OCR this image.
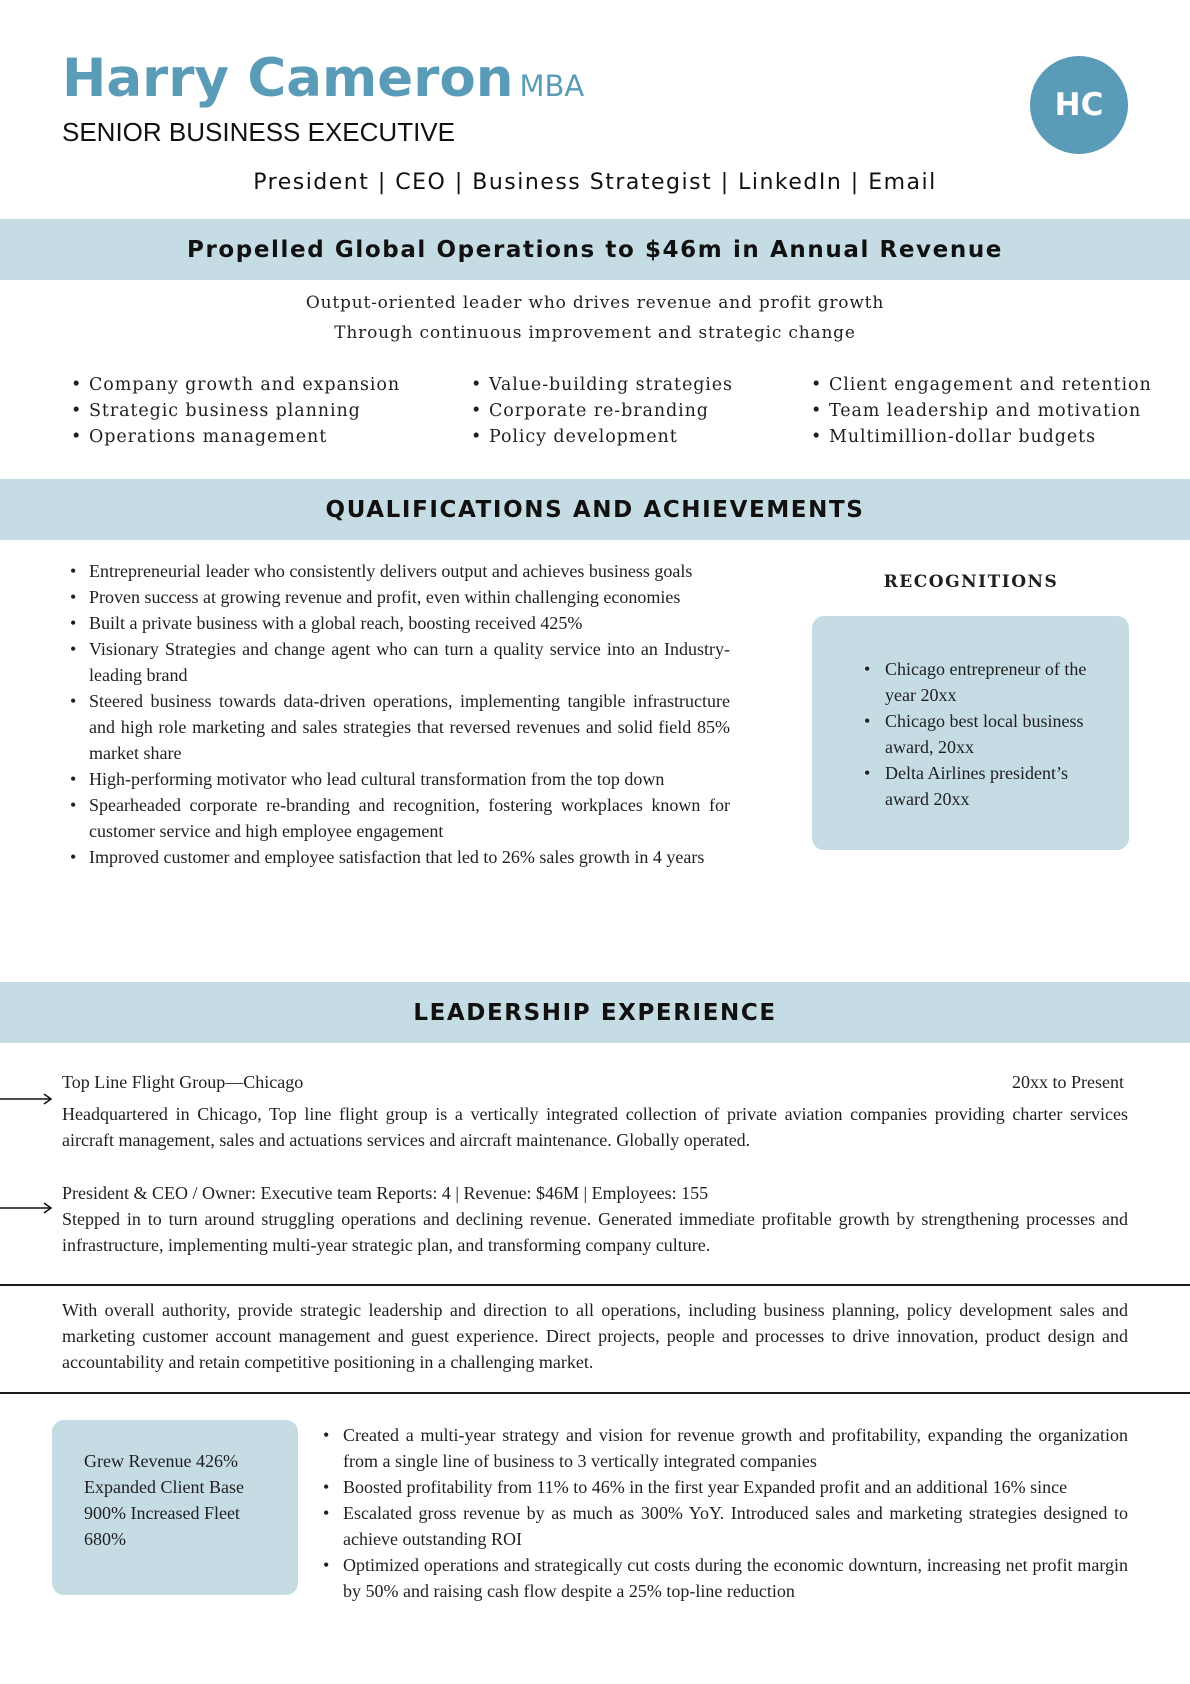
Harry Cameron MBA
SENIOR BUSINESS EXECUTIVE
HC
President | CEO | Business Strategist | LinkedIn | Email
Propelled Global Operations to $46m in Annual Revenue
Output-oriented leader who drives revenue and profit growth
Through continuous improvement and strategic change
• Company growth and expansion
• Strategic business planning
• Operations management
• Value-building strategies
• Corporate re-branding
• Policy development
• Client engagement and retention
• Team leadership and motivation
• Multimillion-dollar budgets
QUALIFICATIONS AND ACHIEVEMENTS
• Entrepreneurial leader who consistently delivers output and achieves business goals
• Proven success at growing revenue and profit, even within challenging economies
• Built a private business with a global reach, boosting received 425%
• Visionary Strategies and change agent who can turn a quality service into an Industry-leading brand
• Steered business towards data-driven operations, implementing tangible infrastructure and high role marketing and sales strategies that reversed revenues and solid field 85% market share
• High-performing motivator who lead cultural transformation from the top down
• Spearheaded corporate re-branding and recognition, fostering workplaces known for customer service and high employee engagement
• Improved customer and employee satisfaction that led to 26% sales growth in 4 years
RECOGNITIONS
• Chicago entrepreneur of the year 20xx
• Chicago best local business award, 20xx
• Delta Airlines president’s award 20xx
LEADERSHIP EXPERIENCE
Top Line Flight Group—Chicago	20xx to Present
Headquartered in Chicago, Top line flight group is a vertically integrated collection of private aviation companies providing charter services aircraft management, sales and actuations services and aircraft maintenance. Globally operated.
President & CEO / Owner: Executive team Reports: 4 | Revenue: $46M | Employees: 155
Stepped in to turn around struggling operations and declining revenue. Generated immediate profitable growth by strengthening processes and infrastructure, implementing multi-year strategic plan, and transforming company culture.
With overall authority, provide strategic leadership and direction to all operations, including business planning, policy development sales and marketing customer account management and guest experience. Direct projects, people and processes to drive innovation, product design and accountability and retain competitive positioning in a challenging market.
Grew Revenue 426% Expanded Client Base 900% Increased Fleet 680%
• Created a multi-year strategy and vision for revenue growth and profitability, expanding the organization from a single line of business to 3 vertically integrated companies
• Boosted profitability from 11% to 46% in the first year Expanded profit and an additional 16% since
• Escalated gross revenue by as much as 300% YoY. Introduced sales and marketing strategies designed to achieve outstanding ROI
• Optimized operations and strategically cut costs during the economic downturn, increasing net profit margin by 50% and raising cash flow despite a 25% top-line reduction
